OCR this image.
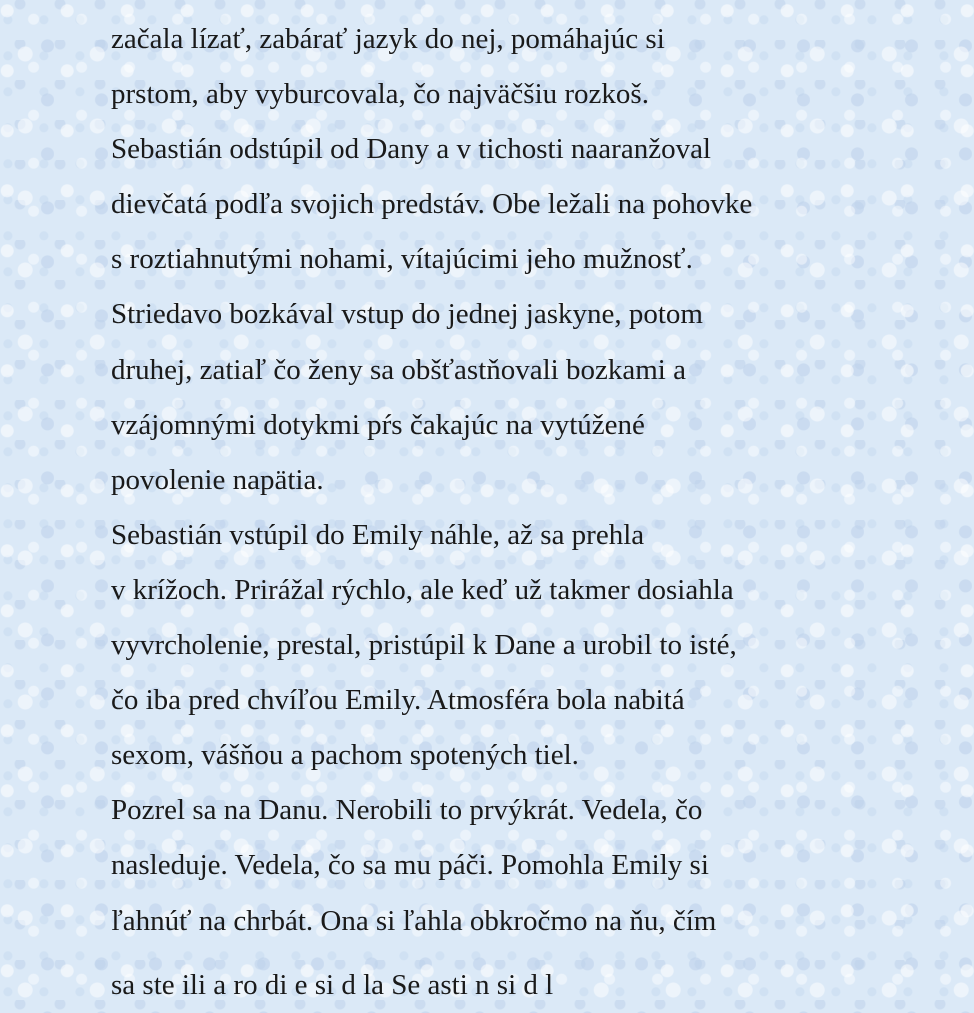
začala lízať, zabárať jazyk do nej, pomáhajúc si

prstom, aby vyburcovala, čo najväčšiu rozkoš.

Sebastián odstúpil od Dany a v tichosti naaranžoval

dievčatá podľa svojich predstáv. Obe ležali na pohovke

s roztiahnutými nohami, vítajúcimi jeho mužnosť.

Striedavo bozkával vstup do jednej jaskyne, potom

druhej, zatiaľ čo ženy sa obšťastňovali bozkami a

vzájomnými dotykmi pŕs čakajúc na vytúžené

povolenie napätia.

Sebastián vstúpil do Emily náhle, až sa prehla

v krížoch. Prirážal rýchlo, ale keď už takmer dosiahla

vyvrcholenie, prestal, pristúpil k Dane a urobil to isté,

čo iba pred chvíľou Emily. Atmosféra bola nabitá

sexom, vášňou a pachom spotených tiel.

Pozrel sa na Danu. Nerobili to prvýkrát. Vedela, čo

nasleduje. Vedela, čo sa mu páči. Pomohla Emily si

ľahnúť na chrbát. Ona si ľahla obkročmo na ňu, čím

sa ste ili a ro di e si d la Se asti n si d l
